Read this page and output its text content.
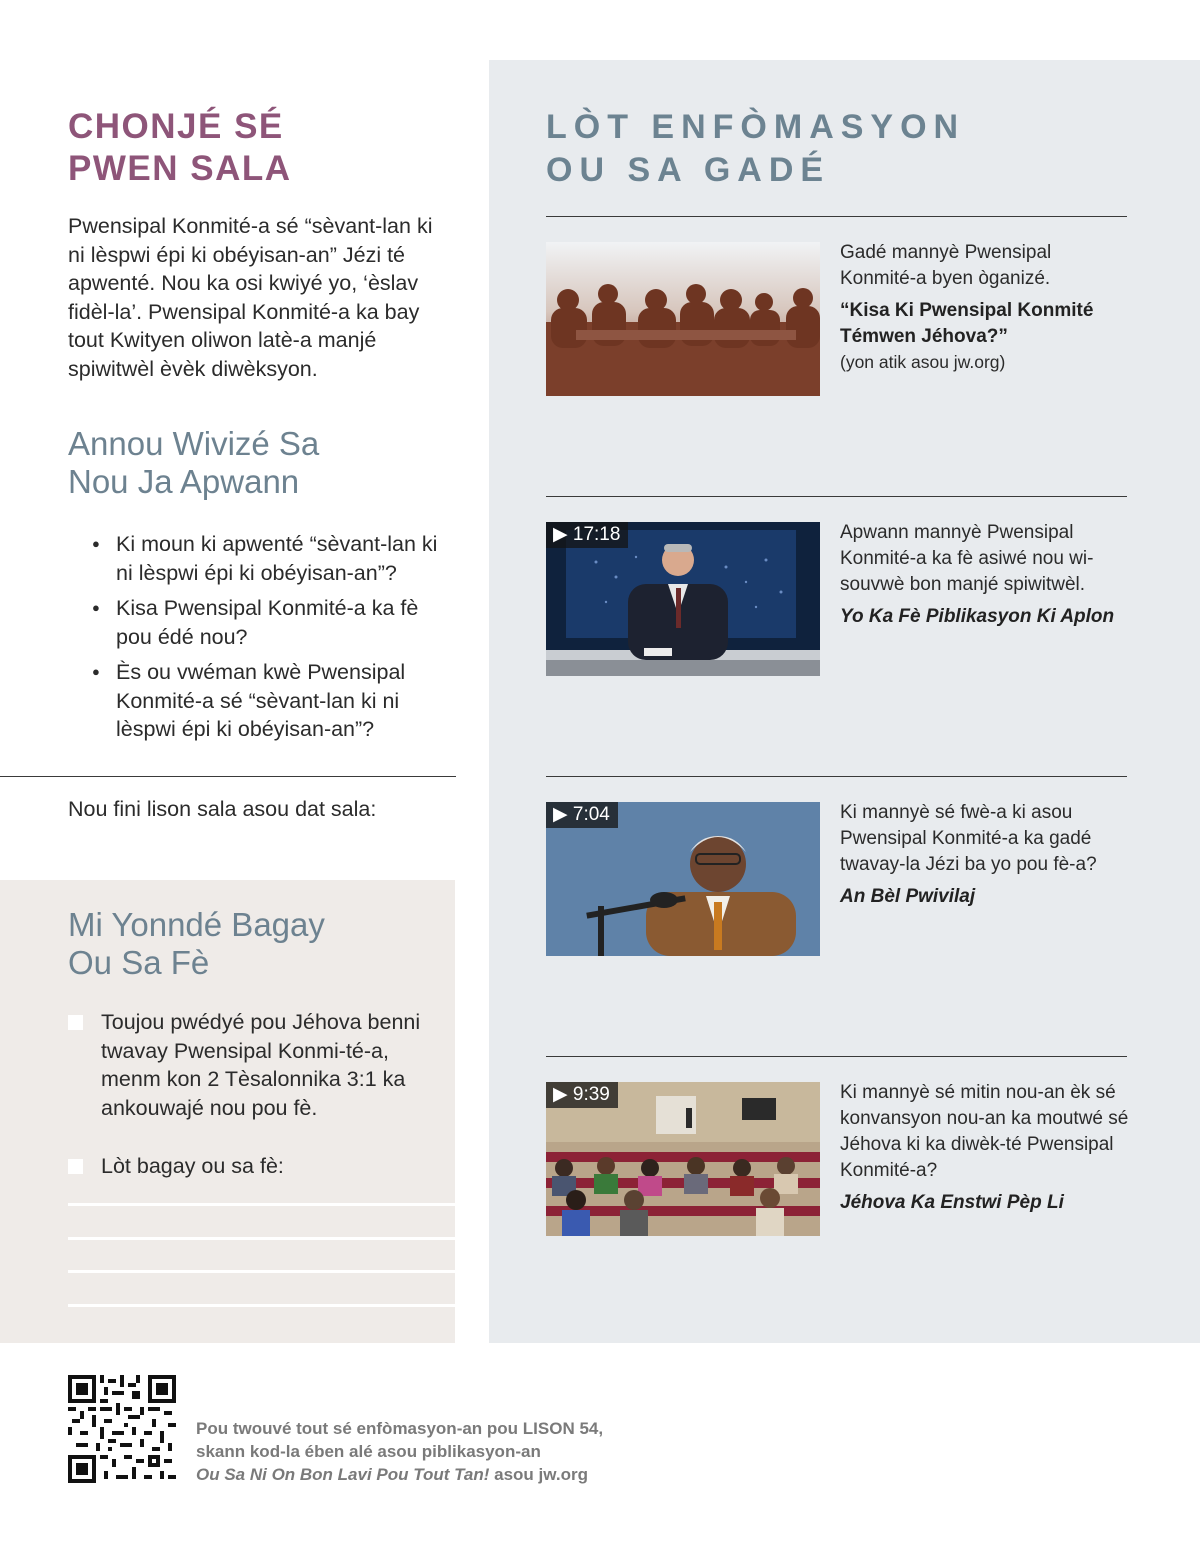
CHONJÉ SÉ
PWEN SALA

Pwensipal Konmité-a sé “sèvant-lan ki ni lèspwi épi ki obéyisan-an” Jézi té apwenté. Nou ka osi kwiyé yo, ‘èslav fidèl-la’. Pwensipal Konmité-a ka bay tout Kwityen oliwon latè-a manjé spiwitwèl èvèk diwèksyon.

Annou Wivizé Sa
Nou Ja Apwann
● Ki moun ki apwenté “sèvant-lan ki ni lèspwi épi ki obéyisan-an”?
● Kisa Pwensipal Konmité-a ka fè pou édé nou?
● Ès ou vwéman kwè Pwensipal Konmité-a sé “sèvant-lan ki ni lèspwi épi ki obéyisan-an”?

Nou fini lison sala asou dat sala:

Mi Yonndé Bagay
Ou Sa Fè

Toujou pwédyé pou Jéhova benni twavay Pwensipal Konmi-té-a, menm kon 2 Tèsalonnika 3:1 ka ankouwajé nou pou fè.

Lòt bagay ou sa fè:

LÒT ENFÒMASYON
OU SA GADÉ

Gadé mannyè Pwensipal Konmité-a byen òganizé.

“Kisa Ki Pwensipal Konmité Témwen Jéhova?”

(yon atik asou jw.org)

▶ 17:18	Apwann mannyè Pwensipal Konmité-a ka fè asiwé nou wi-souvwè bon manjé spiwitwèl.

Yo Ka Fè Piblikasyon Ki Aplon

▶ 7:04	Ki mannyè sé fwè-a ki asou Pwensipal Konmité-a ka gadé twavay-la Jézi ba yo pou fè-a?

An Bèl Pwivilaj

▶ 9:39	Ki mannyè sé mitin nou-an èk sé konvansyon nou-an ka moutwé sé Jéhova ki ka diwèk-té Pwensipal Konmité-a?

Jéhova Ka Enstwi Pèp Li

Pou twouvé tout sé enfòmasyon-an pou LISON 54,
skann kod-la ében alé asou piblikasyon-an
Ou Sa Ni On Bon Lavi Pou Tout Tan! asou jw.org
